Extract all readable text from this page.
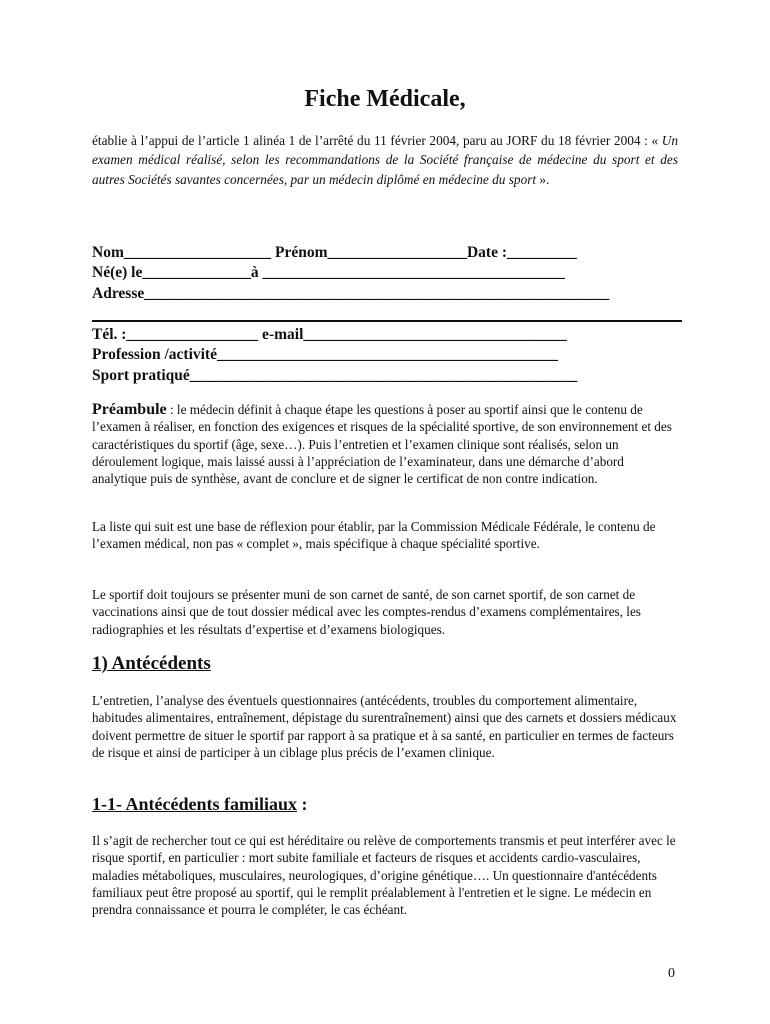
Fiche Médicale,

établie à l’appui de l’article 1 alinéa 1 de l’arrêté du 11 février 2004, paru au JORF du 18 février 2004 : « Un examen médical réalisé, selon les recommandations de la Société française de médecine du sport et des autres Sociétés savantes concernées, par un médecin diplômé en médecine du sport ».

Nom___________________ Prénom__________________Date :_________

Né(e) le______________à _______________________________________

Adresse____________________________________________________________

Tél. :_________________ e-mail__________________________________

Profession /activité____________________________________________

Sport pratiqué__________________________________________________

Préambule : le médecin définit à chaque étape les questions à poser au sportif ainsi que le contenu de l’examen à réaliser, en fonction des exigences et risques de la spécialité sportive, de son environnement et des caractéristiques du sportif (âge, sexe…). Puis l’entretien et l’examen clinique sont réalisés, selon un déroulement logique, mais laissé aussi à l’appréciation de l’examinateur, dans une démarche d’abord analytique puis de synthèse, avant de conclure et de signer le certificat de non contre indication.

La liste qui suit est une base de réflexion pour établir, par la Commission Médicale Fédérale, le contenu de l’examen médical, non pas « complet », mais spécifique à chaque spécialité sportive.

Le sportif doit toujours se présenter muni de son carnet de santé, de son carnet sportif, de son carnet de vaccinations ainsi que de tout dossier médical avec les comptes-rendus d’examens complémentaires, les radiographies et les résultats d’expertise et d’examens biologiques.

1) Antécédents

L’entretien, l’analyse des éventuels questionnaires (antécédents, troubles du comportement alimentaire, habitudes alimentaires, entraînement, dépistage du surentraînement) ainsi que des carnets et dossiers médicaux doivent permettre de situer le sportif par rapport à sa pratique et à sa santé, en particulier en termes de facteurs de risque et ainsi de participer à un ciblage plus précis de l’examen clinique.

1-1- Antécédents familiaux :

Il s’agit de rechercher tout ce qui est héréditaire ou relève de comportements transmis et peut interférer avec le risque sportif, en particulier : mort subite familiale et facteurs de risques et accidents cardio-vasculaires, maladies métaboliques, musculaires, neurologiques, d’origine génétique…. Un questionnaire d'antécédents familiaux peut être proposé au sportif, qui le remplit préalablement à l'entretien et le signe. Le médecin en prendra connaissance et pourra le compléter, le cas échéant.

0
